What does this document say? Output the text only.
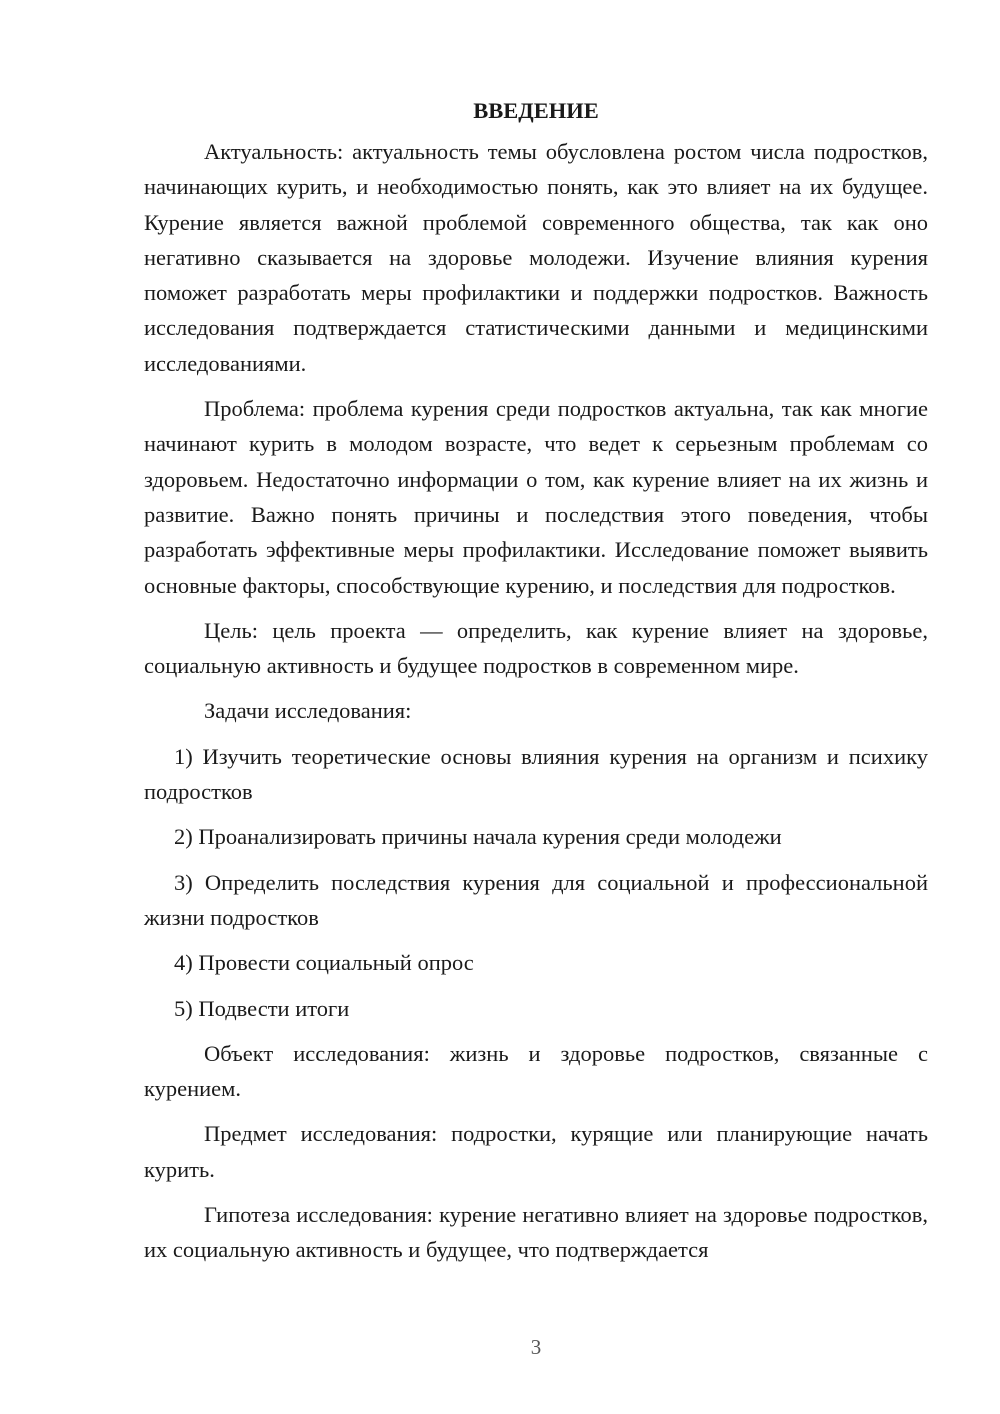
ВВЕДЕНИЕ

Актуальность: актуальность темы обусловлена ростом числа подростков, начинающих курить, и необходимостью понять, как это влияет на их будущее. Курение является важной проблемой современного общества, так как оно негативно сказывается на здоровье молодежи. Изучение влияния курения поможет разработать меры профилактики и поддержки подростков. Важность исследования подтверждается статистическими данными и медицинскими исследованиями.

Проблема: проблема курения среди подростков актуальна, так как многие начинают курить в молодом возрасте, что ведет к серьезным проблемам со здоровьем. Недостаточно информации о том, как курение влияет на их жизнь и развитие. Важно понять причины и последствия этого поведения, чтобы разработать эффективные меры профилактики. Исследование поможет выявить основные факторы, способствующие курению, и последствия для подростков.

Цель: цель проекта — определить, как курение влияет на здоровье, социальную активность и будущее подростков в современном мире.

Задачи исследования:

1) Изучить теоретические основы влияния курения на организм и психику подростков

2) Проанализировать причины начала курения среди молодежи

3) Определить последствия курения для социальной и профессиональной жизни подростков

4) Провести социальный опрос

5) Подвести итоги

Объект исследования: жизнь и здоровье подростков, связанные с курением.

Предмет исследования: подростки, курящие или планирующие начать курить.

Гипотеза исследования: курение негативно влияет на здоровье подростков, их социальную активность и будущее, что подтверждается

3
